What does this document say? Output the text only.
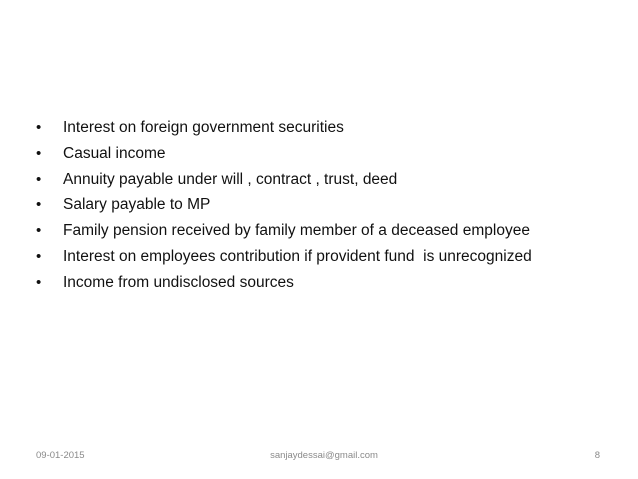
•

	Interest on foreign government securities

•

	Casual income

•

	Annuity payable under will , contract , trust, deed

•

	Salary payable to MP

•

	Family pension received by family member of a deceased employee

•

	Interest on employees contribution if provident fund  is unrecognized

•

	Income from undisclosed sources

09-01-2015	sanjaydessai@gmail.com	8
